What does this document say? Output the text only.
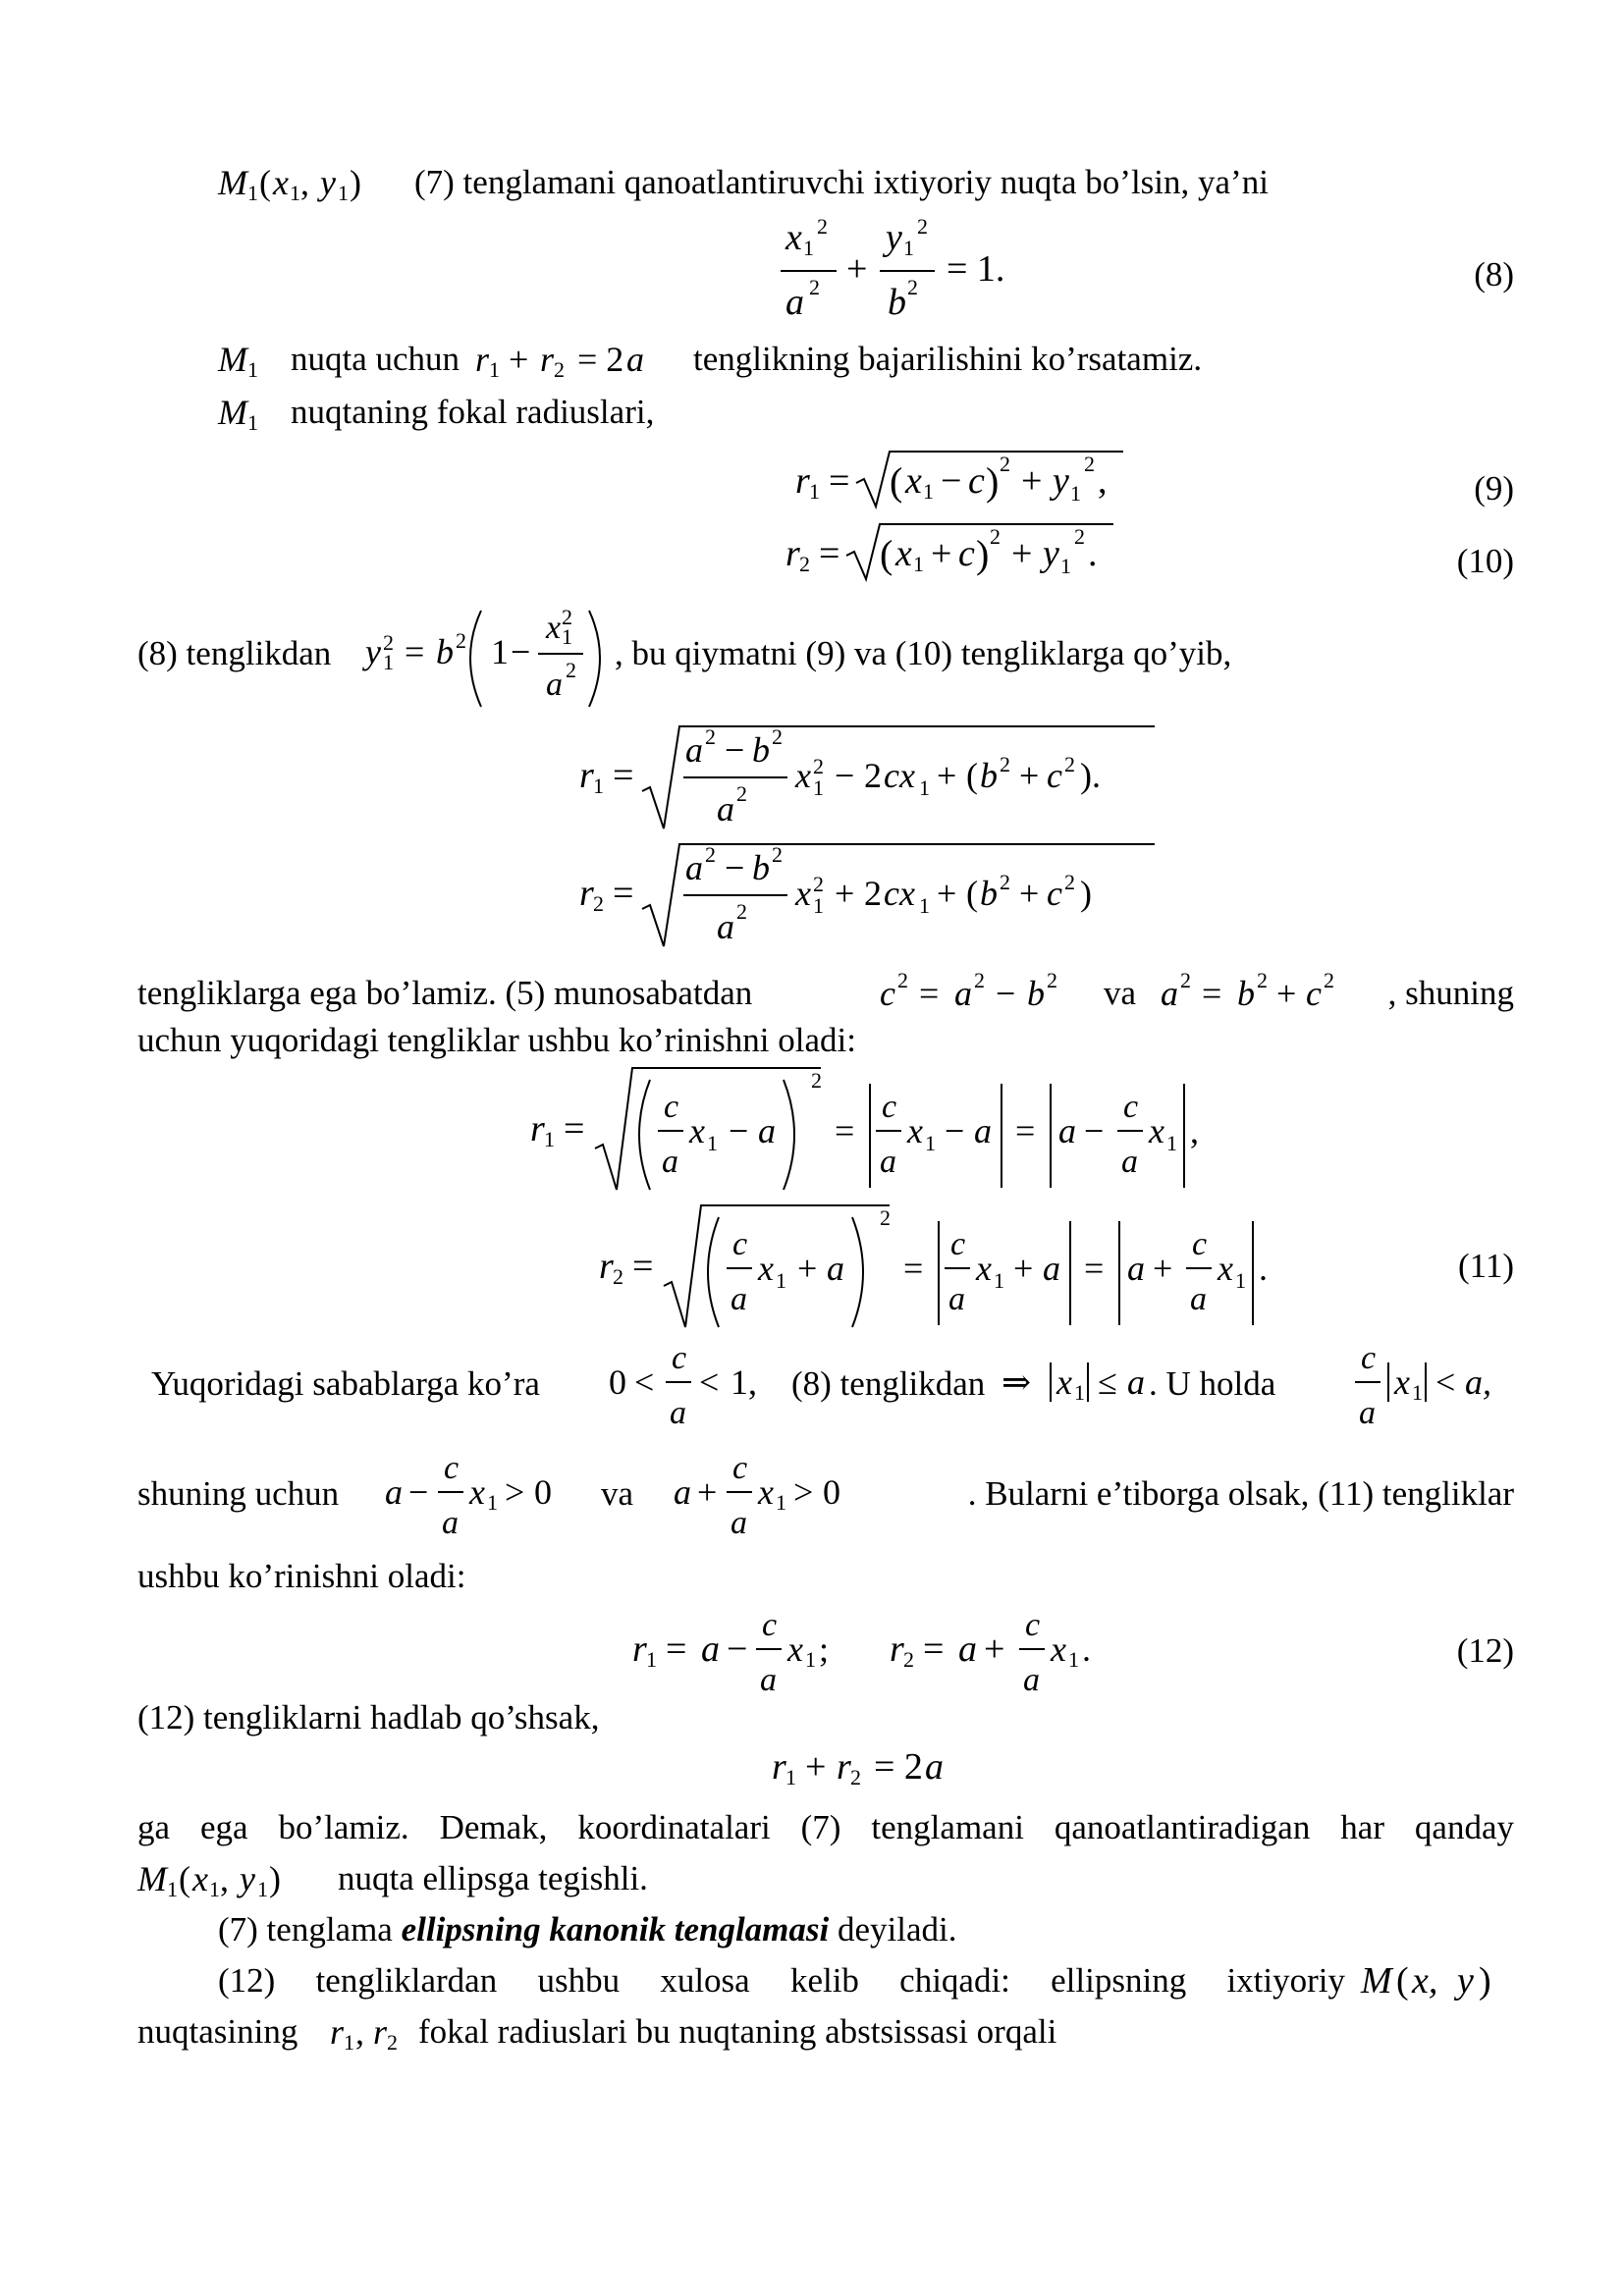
M 1 ( x 1 , y 1 ) (7) tenglamani qanoatlantiruvchi ixtiyoriy nuqta bo’lsin, ya’ni
x 1
2
a 2 +
y 1
2
b 2 = 1.	(8)
M 1 nuqta uchun r 1 + r 2 = 2 a tenglikning bajarilishini ko’rsatamiz.
M 1 nuqtaning fokal radiuslari,
r 1 = ( x 1 − c ) 2 + y 1
2 ,	(9)
r 2 = ( x 1 + c ) 2 + y 1
2 .	(10)
(8) tenglikdan y 1
2 = b 2 1 −
x 1
2
a 2 , bu qiymatni (9) va (10) tengliklarga qo’yib,
r 1 =
a 2 − b 2
a 2 x 1
2 − 2 cx 1 + ( b 2 + c 2 ).
r 2 =
a 2 − b 2
a 2 x 1
2 + 2 cx 1 + ( b 2 + c 2 )
tengliklarga ega bo’lamiz. (5) munosabatdan	c 2 = a 2 − b 2 va a 2 = b 2 + c 2 , shuning
uchun yuqoridagi tengliklar ushbu ko’rinishni oladi:
r 1 =
c
a
x 1 − a
2
=
c
a
x 1 − a = a −
c
a
x 1 ,
r 2 =
c
a
x 1 + a
2
=
c
a
x 1 + a = a +
c
a
x 1 .	(11)
Yuqoridagi sabablarga ko’ra 0 <
c
a
< 1, (8) tenglikdan ⇒ x 1 ≤ a . U holda
c
a
x 1 < a,
shuning uchun a −
c
a
x 1 > 0 va a +
c
a
x 1 > 0	. Bularni e’tiborga olsak, (11) tengliklar
ushbu ko’rinishni oladi:
r 1 = a −
c
a
x 1 ; r 2 = a +
c
a
x 1 .	(12)
(12) tengliklarni hadlab qo’shsak,
r 1 + r 2 = 2 a
ga ega bo’lamiz. Demak, koordinatalari (7) tenglamani qanoatlantiradigan har qanday
M 1 ( x 1 , y 1 ) nuqta ellipsga tegishli.
(7) tenglama ellipsning kanonik tenglamasi deyiladi.
(12) tengliklardan ushbu xulosa kelib chiqadi: ellipsning ixtiyoriy M ( x, y )
nuqtasining r 1 , r 2 fokal radiuslari bu nuqtaning abstsissasi orqali
